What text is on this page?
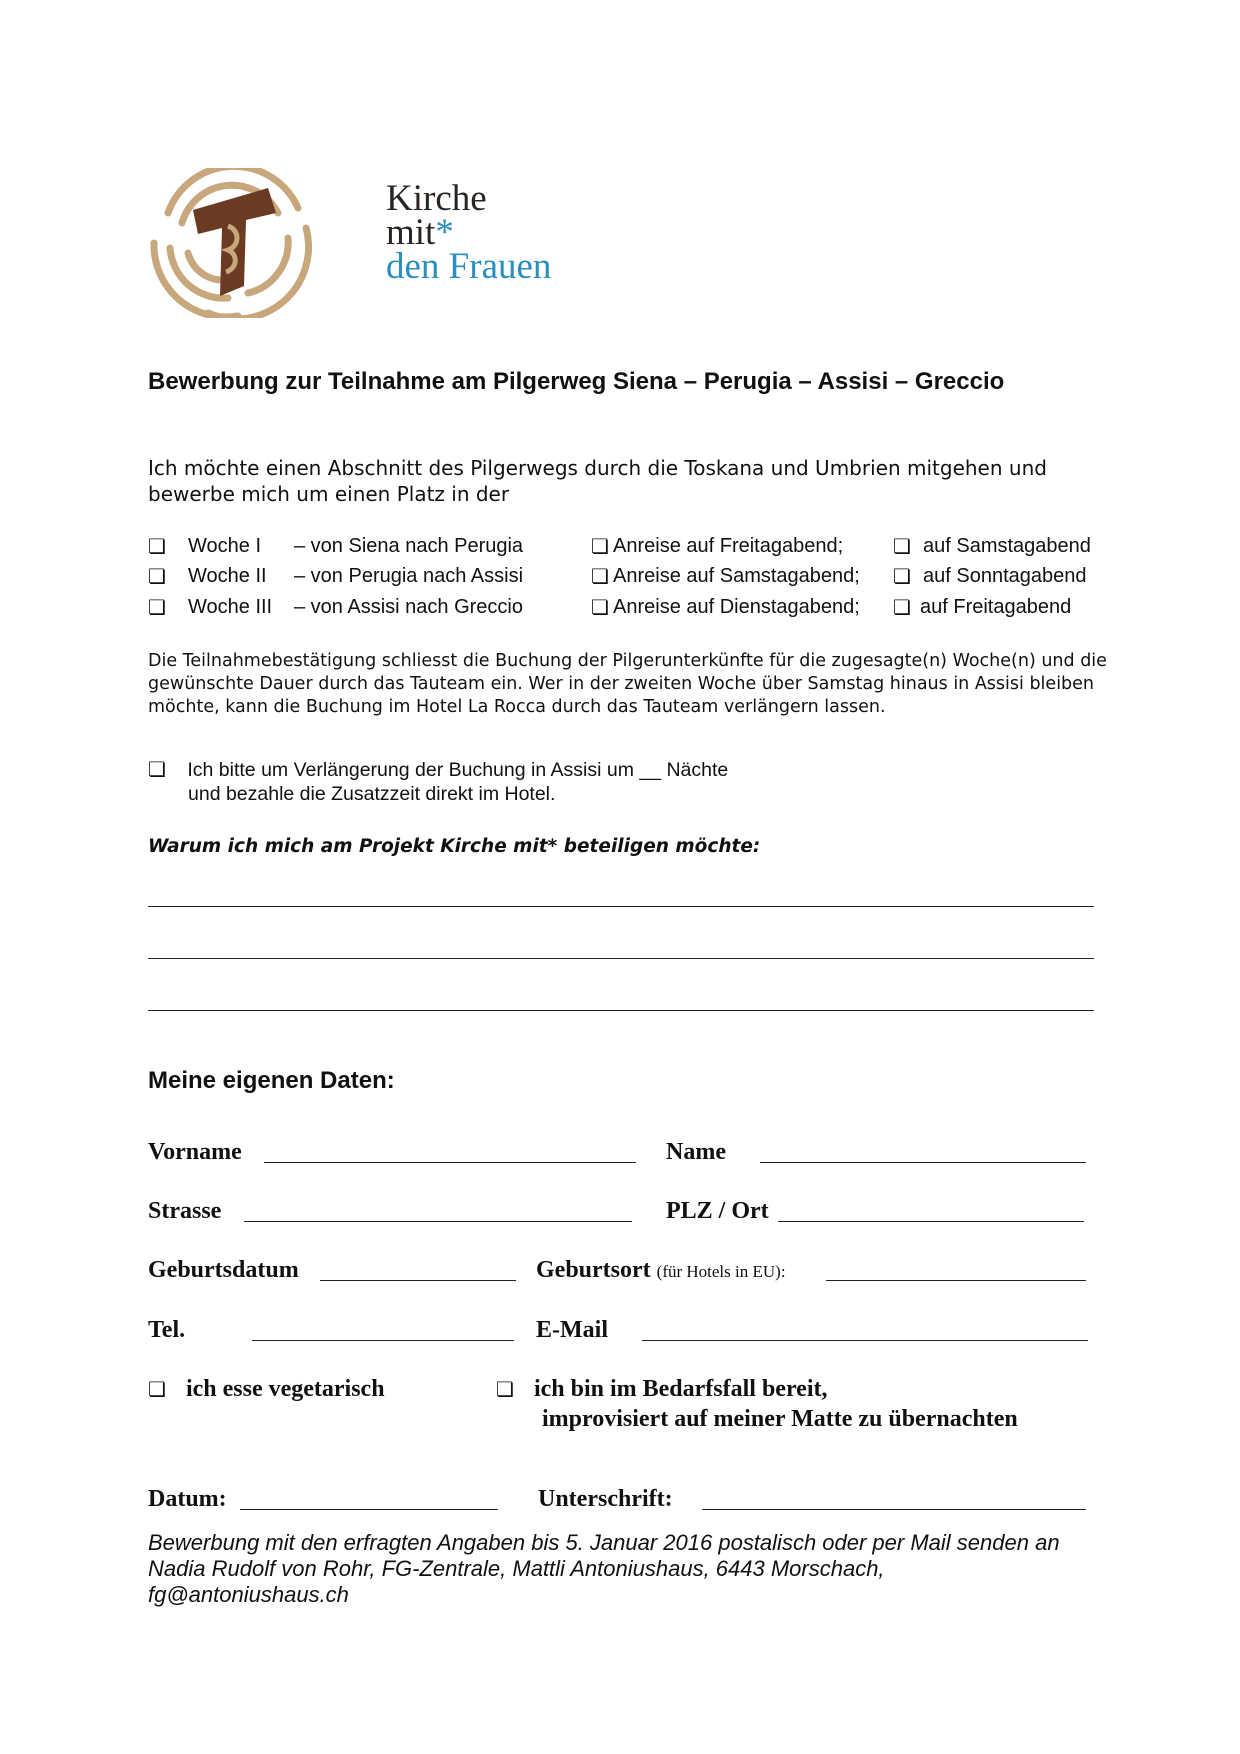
Kirche
mit*
den Frauen
Bewerbung zur Teilnahme am Pilgerweg Siena – Perugia – Assisi – Greccio
Ich möchte einen Abschnitt des Pilgerwegs durch die Toskana und Umbrien mitgehen und bewerbe mich um einen Platz in der
❏ Woche I – von Siena nach Perugia	❏ Anreise auf Freitagabend; ❏ auf Samstagabend
❏ Woche II – von Perugia nach Assisi	❏ Anreise auf Samstagabend; ❏ auf Sonntagabend
❏ Woche III – von Assisi nach Greccio	❏ Anreise auf Dienstagabend; ❏ auf Freitagabend
Die Teilnahmebestätigung schliesst die Buchung der Pilgerunterkünfte für die zugesagte(n) Woche(n) und die gewünschte Dauer durch das Tauteam ein. Wer in der zweiten Woche über Samstag hinaus in Assisi bleiben möchte, kann die Buchung im Hotel La Rocca durch das Tauteam verlängern lassen.
❏ Ich bitte um Verlängerung der Buchung in Assisi um __ Nächte
und bezahle die Zusatzzeit direkt im Hotel.
Warum ich mich am Projekt Kirche mit* beteiligen möchte:
Meine eigenen Daten:
Vorname	Name
Strasse	PLZ / Ort
Geburtsdatum	Geburtsort (für Hotels in EU):
Tel.	E-Mail
❏ ich esse vegetarisch	❏ ich bin im Bedarfsfall bereit,
improvisiert auf meiner Matte zu übernachten
Datum:	Unterschrift:
Bewerbung mit den erfragten Angaben bis 5. Januar 2016 postalisch oder per Mail senden an
Nadia Rudolf von Rohr, FG-Zentrale, Mattli Antoniushaus, 6443 Morschach,
fg@antoniushaus.ch
